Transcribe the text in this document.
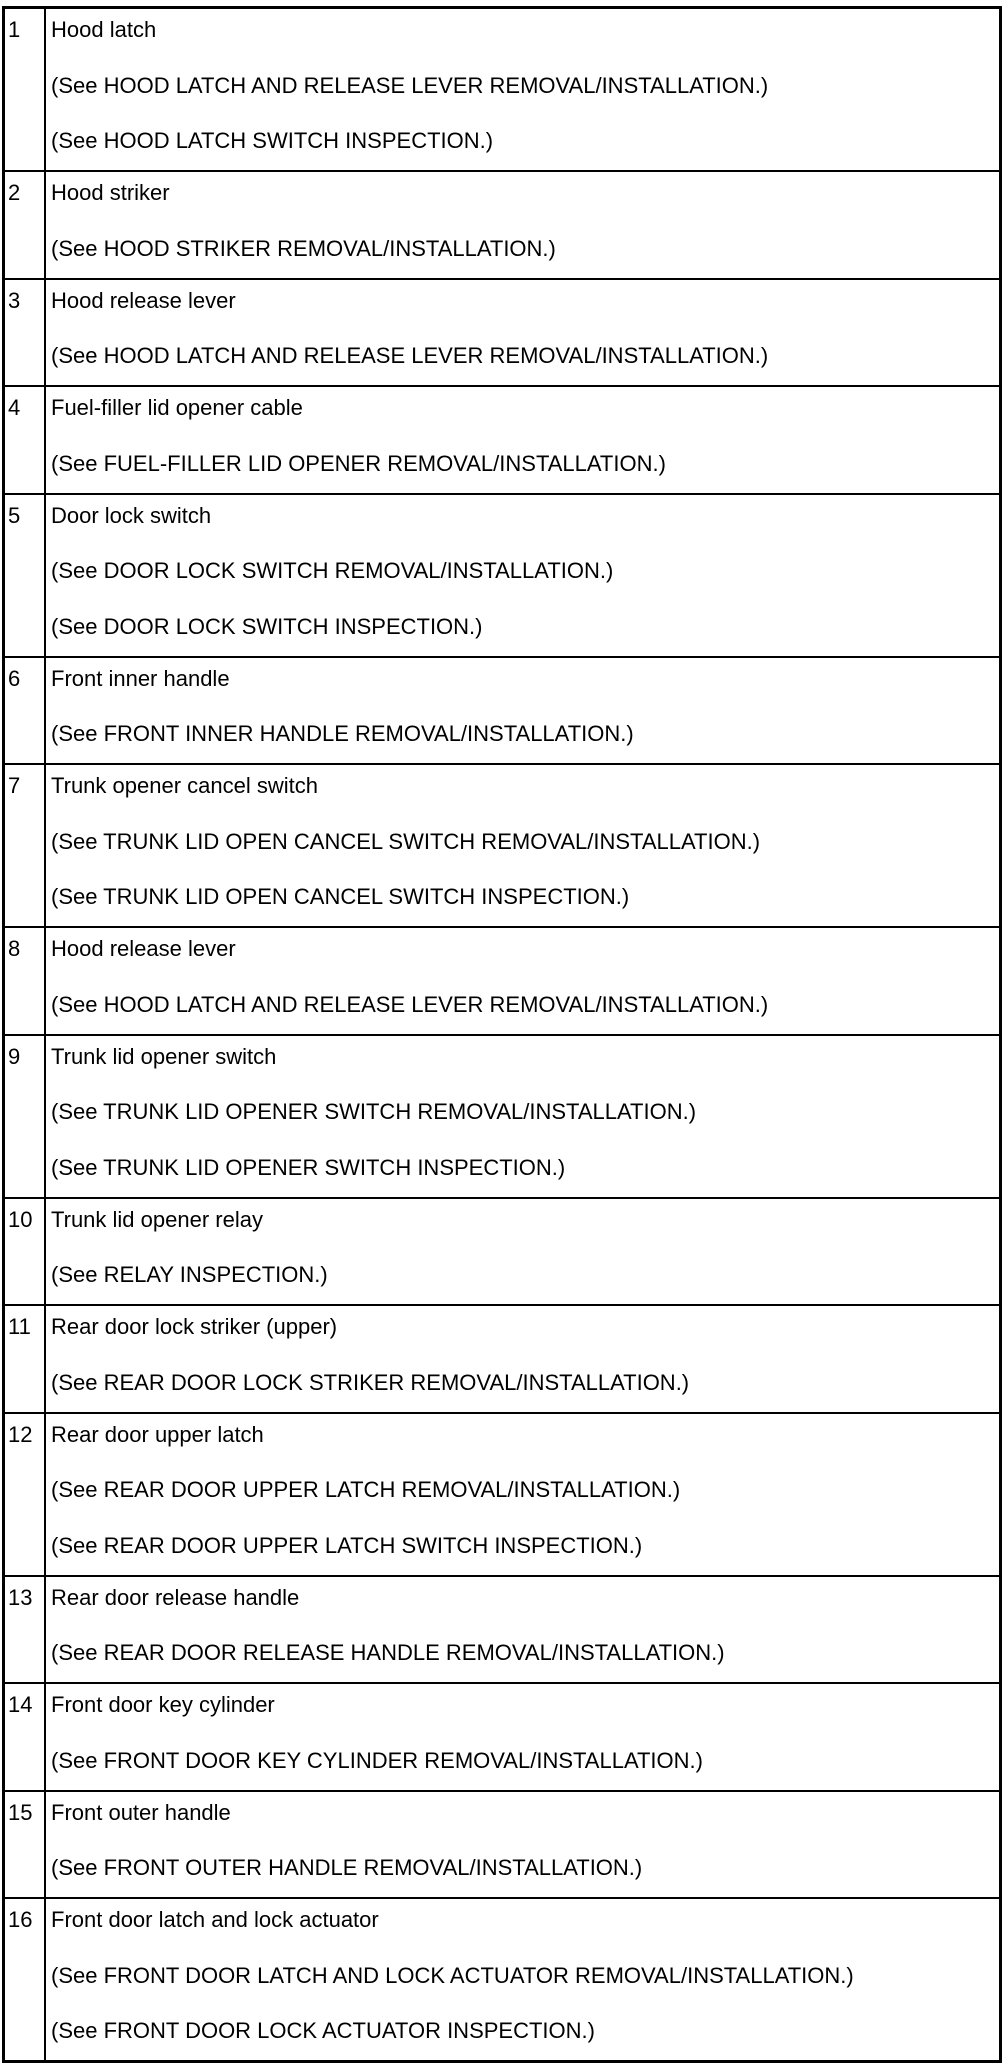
1	Hood latch
(See HOOD LATCH AND RELEASE LEVER REMOVAL/INSTALLATION.)
(See HOOD LATCH SWITCH INSPECTION.)

2	Hood striker
(See HOOD STRIKER REMOVAL/INSTALLATION.)

3	Hood release lever
(See HOOD LATCH AND RELEASE LEVER REMOVAL/INSTALLATION.)

4	Fuel-filler lid opener cable
(See FUEL-FILLER LID OPENER REMOVAL/INSTALLATION.)

5	Door lock switch
(See DOOR LOCK SWITCH REMOVAL/INSTALLATION.)
(See DOOR LOCK SWITCH INSPECTION.)

6	Front inner handle
(See FRONT INNER HANDLE REMOVAL/INSTALLATION.)

7	Trunk opener cancel switch
(See TRUNK LID OPEN CANCEL SWITCH REMOVAL/INSTALLATION.)
(See TRUNK LID OPEN CANCEL SWITCH INSPECTION.)

8	Hood release lever
(See HOOD LATCH AND RELEASE LEVER REMOVAL/INSTALLATION.)

9	Trunk lid opener switch
(See TRUNK LID OPENER SWITCH REMOVAL/INSTALLATION.)
(See TRUNK LID OPENER SWITCH INSPECTION.)

10	Trunk lid opener relay
(See RELAY INSPECTION.)

11	Rear door lock striker (upper)
(See REAR DOOR LOCK STRIKER REMOVAL/INSTALLATION.)

12	Rear door upper latch
(See REAR DOOR UPPER LATCH REMOVAL/INSTALLATION.)
(See REAR DOOR UPPER LATCH SWITCH INSPECTION.)

13	Rear door release handle
(See REAR DOOR RELEASE HANDLE REMOVAL/INSTALLATION.)

14	Front door key cylinder
(See FRONT DOOR KEY CYLINDER REMOVAL/INSTALLATION.)

15	Front outer handle
(See FRONT OUTER HANDLE REMOVAL/INSTALLATION.)

16	Front door latch and lock actuator
(See FRONT DOOR LATCH AND LOCK ACTUATOR REMOVAL/INSTALLATION.)
(See FRONT DOOR LOCK ACTUATOR INSPECTION.)
